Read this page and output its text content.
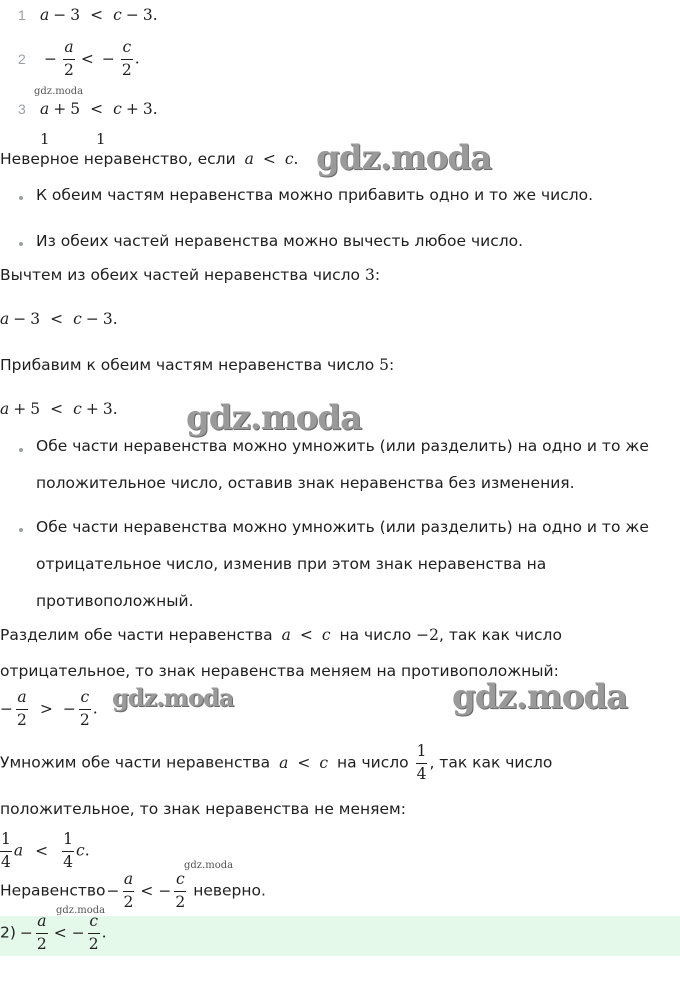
1 a − 3 < c − 3.
$2 - \frac{a}{2}$ < − $\frac{c}{2}$ .
gdz.moda
3 a + 5 < c + 3.
1	1
Неверное неравенство, если a < c. gdz.moda
К обеим частям неравенства можно прибавить одно и то же число.
Из обеих частей неравенства можно вычесть любое число.
Вычтем из обеих частей неравенства число 3:
a − 3 < c − 3.
Прибавим к обеим частям неравенства число 5:
a + 5 < c + 3. gdz.moda
Обе части неравенства можно умножить (или разделить) на одно и то же
положительное число, оставив знак неравенства без изменения.
Обе части неравенства можно умножить (или разделить) на одно и то же
отрицательное число, изменив при этом знак неравенства на
противоположный.
Разделим обе части неравенства a < c на число −2, так как число
отрицательное, то знак неравенства меняем на противоположный:
− $\frac{a}{2}$ > − $\frac{c}{2}$ . gdz.moda	gdz.moda
Умножим обе части неравенства a < c на число $\frac{1}{4}$ , так как число
положительное, то знак неравенства не меняем:
$\frac{1}{4}$ $a < \frac{1}{4} c$.
gdz.moda
Неравенство− $\frac{a}{2}$ < − $\frac{c}{2}$ неверно.
gdz.moda
$2) - \frac{a}{2}$ < − $\frac{c}{2}$ .
